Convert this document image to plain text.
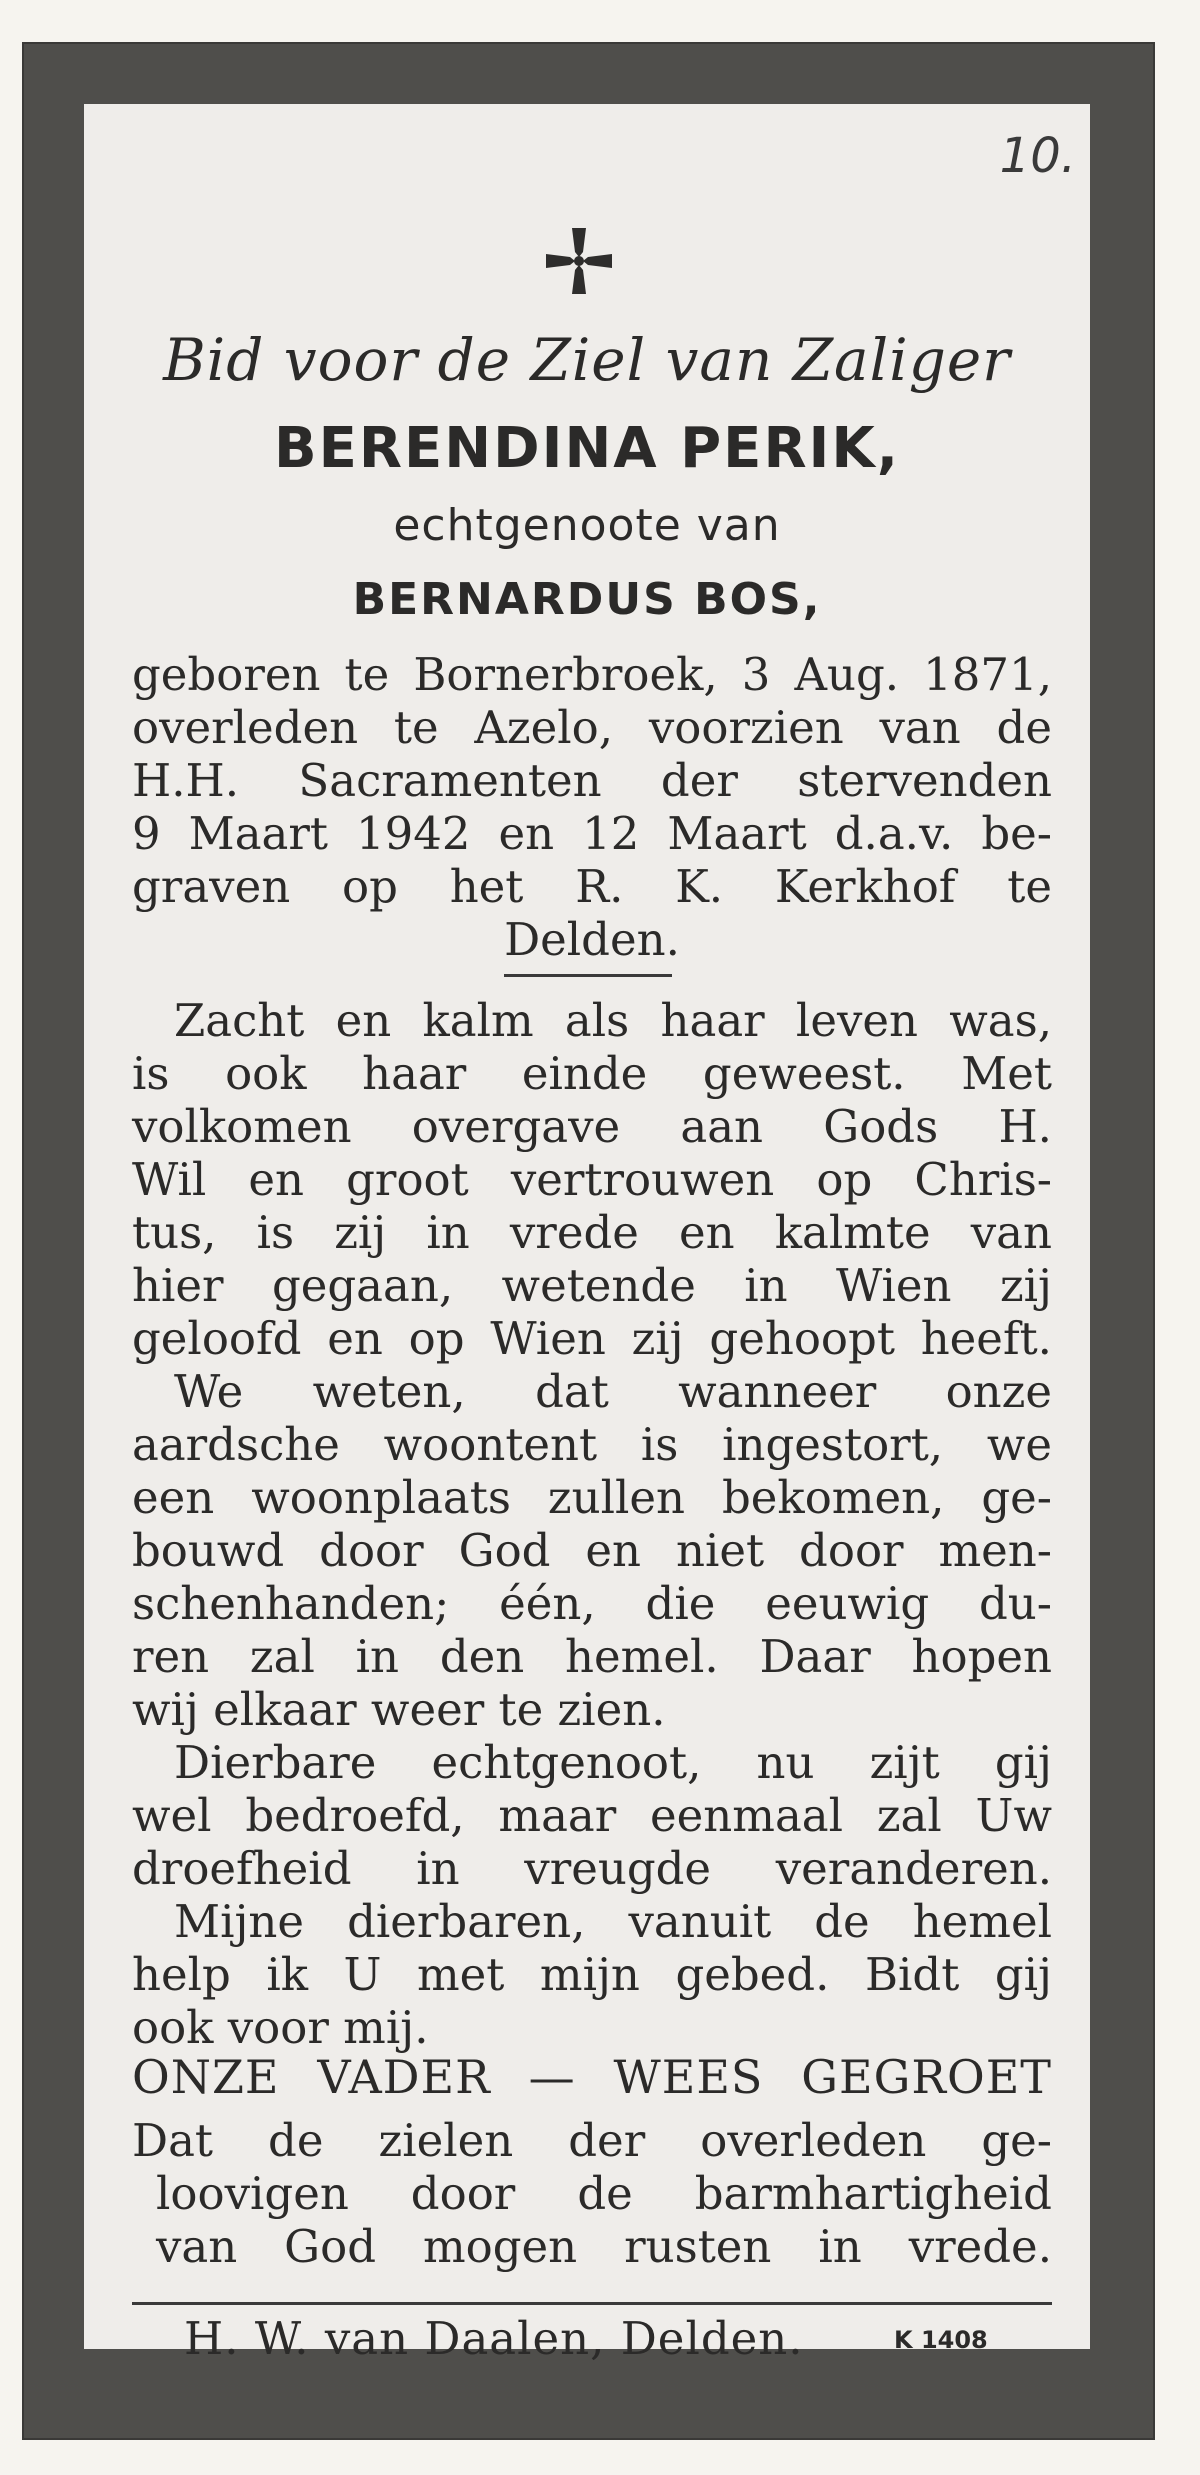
10.
Bid voor de Ziel van Zaliger
BERENDINA PERIK,
echtgenoote van
BERNARDUS BOS,
geboren te Bornerbroek, 3 Aug. 1871,
overleden te Azelo, voorzien van de
H.H. Sacramenten der stervenden
9 Maart 1942 en 12 Maart d.a.v. be-
graven op het R. K. Kerkhof te
Delden.
Zacht en kalm als haar leven was,
is ook haar einde geweest. Met
volkomen overgave aan Gods H.
Wil en groot vertrouwen op Chris-
tus, is zij in vrede en kalmte van
hier gegaan, wetende in Wien zij
geloofd en op Wien zij gehoopt heeft.
We weten, dat wanneer onze
aardsche woontent is ingestort, we
een woonplaats zullen bekomen, ge-
bouwd door God en niet door men-
schenhanden; één, die eeuwig du-
ren zal in den hemel. Daar hopen
wij elkaar weer te zien.
Dierbare echtgenoot, nu zijt gij
wel bedroefd, maar eenmaal zal Uw
droefheid in vreugde veranderen.
Mijne dierbaren, vanuit de hemel
help ik U met mijn gebed. Bidt gij
ook voor mij.
ONZE VADER — WEES GEGROET
Dat de zielen der overleden ge-
loovigen door de barmhartigheid
van God mogen rusten in vrede.
H. W. van Daalen, Delden.	K 1408
